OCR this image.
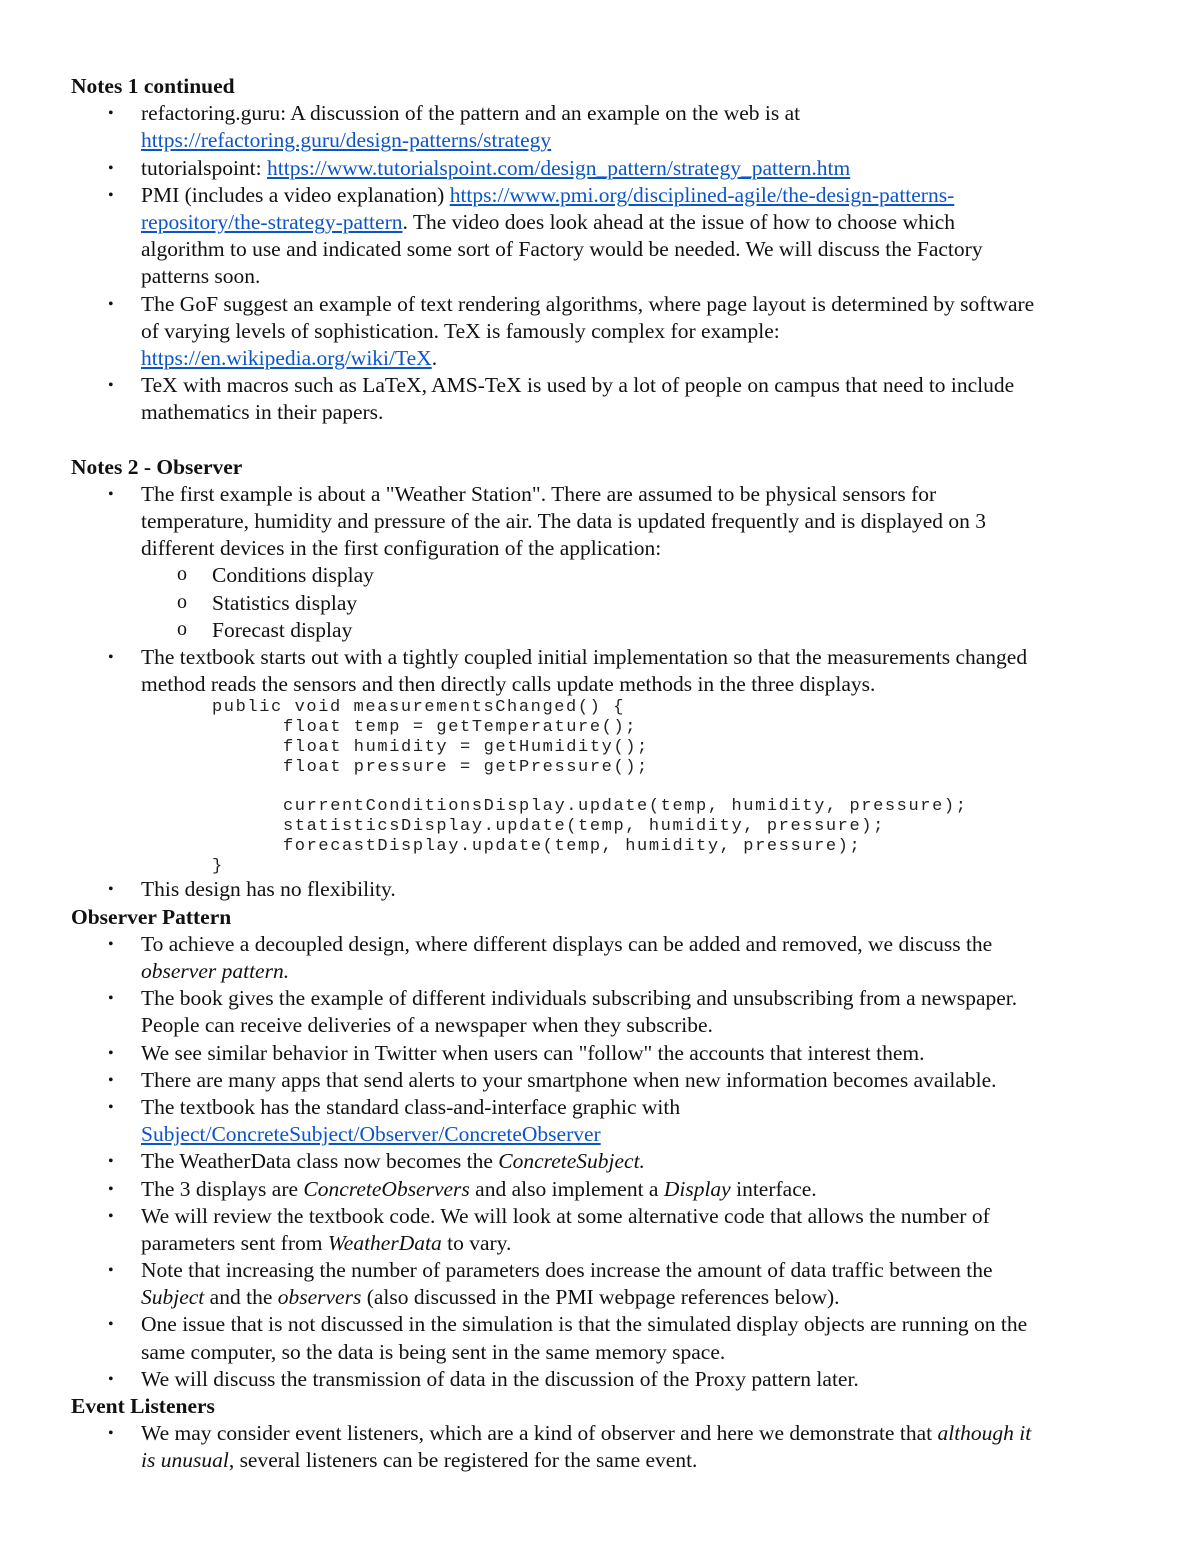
Notes 1 continued
• refactoring.guru: A discussion of the pattern and an example on the web is at
https://refactoring.guru/design-patterns/strategy
• tutorialspoint: https://www.tutorialspoint.com/design_pattern/strategy_pattern.htm
• PMI (includes a video explanation) https://www.pmi.org/disciplined-agile/the-design-patterns-
repository/the-strategy-pattern. The video does look ahead at the issue of how to choose which
algorithm to use and indicated some sort of Factory would be needed. We will discuss the Factory
patterns soon.
• The GoF suggest an example of text rendering algorithms, where page layout is determined by software
of varying levels of sophistication. TeX is famously complex for example:
https://en.wikipedia.org/wiki/TeX.
• TeX with macros such as LaTeX, AMS-TeX is used by a lot of people on campus that need to include
mathematics in their papers.
Notes 2 - Observer
• The first example is about a "Weather Station". There are assumed to be physical sensors for
temperature, humidity and pressure of the air. The data is updated frequently and is displayed on 3
different devices in the first configuration of the application:
o Conditions display
o Statistics display
o Forecast display
• The textbook starts out with a tightly coupled initial implementation so that the measurements changed
method reads the sensors and then directly calls update methods in the three displays.
public void measurementsChanged() {
float temp = getTemperature();
float humidity = getHumidity();
float pressure = getPressure();
currentConditionsDisplay.update(temp, humidity, pressure);
statisticsDisplay.update(temp, humidity, pressure);
forecastDisplay.update(temp, humidity, pressure);
}
• This design has no flexibility.
Observer Pattern
• To achieve a decoupled design, where different displays can be added and removed, we discuss the
observer pattern.
• The book gives the example of different individuals subscribing and unsubscribing from a newspaper.
People can receive deliveries of a newspaper when they subscribe.
• We see similar behavior in Twitter when users can "follow" the accounts that interest them.
• There are many apps that send alerts to your smartphone when new information becomes available.
• The textbook has the standard class-and-interface graphic with
Subject/ConcreteSubject/Observer/ConcreteObserver
• The WeatherData class now becomes the ConcreteSubject.
• The 3 displays are ConcreteObservers and also implement a Display interface.
• We will review the textbook code. We will look at some alternative code that allows the number of
parameters sent from WeatherData to vary.
• Note that increasing the number of parameters does increase the amount of data traffic between the
Subject and the observers (also discussed in the PMI webpage references below).
• One issue that is not discussed in the simulation is that the simulated display objects are running on the
same computer, so the data is being sent in the same memory space.
• We will discuss the transmission of data in the discussion of the Proxy pattern later.
Event Listeners
• We may consider event listeners, which are a kind of observer and here we demonstrate that although it
is unusual, several listeners can be registered for the same event.
